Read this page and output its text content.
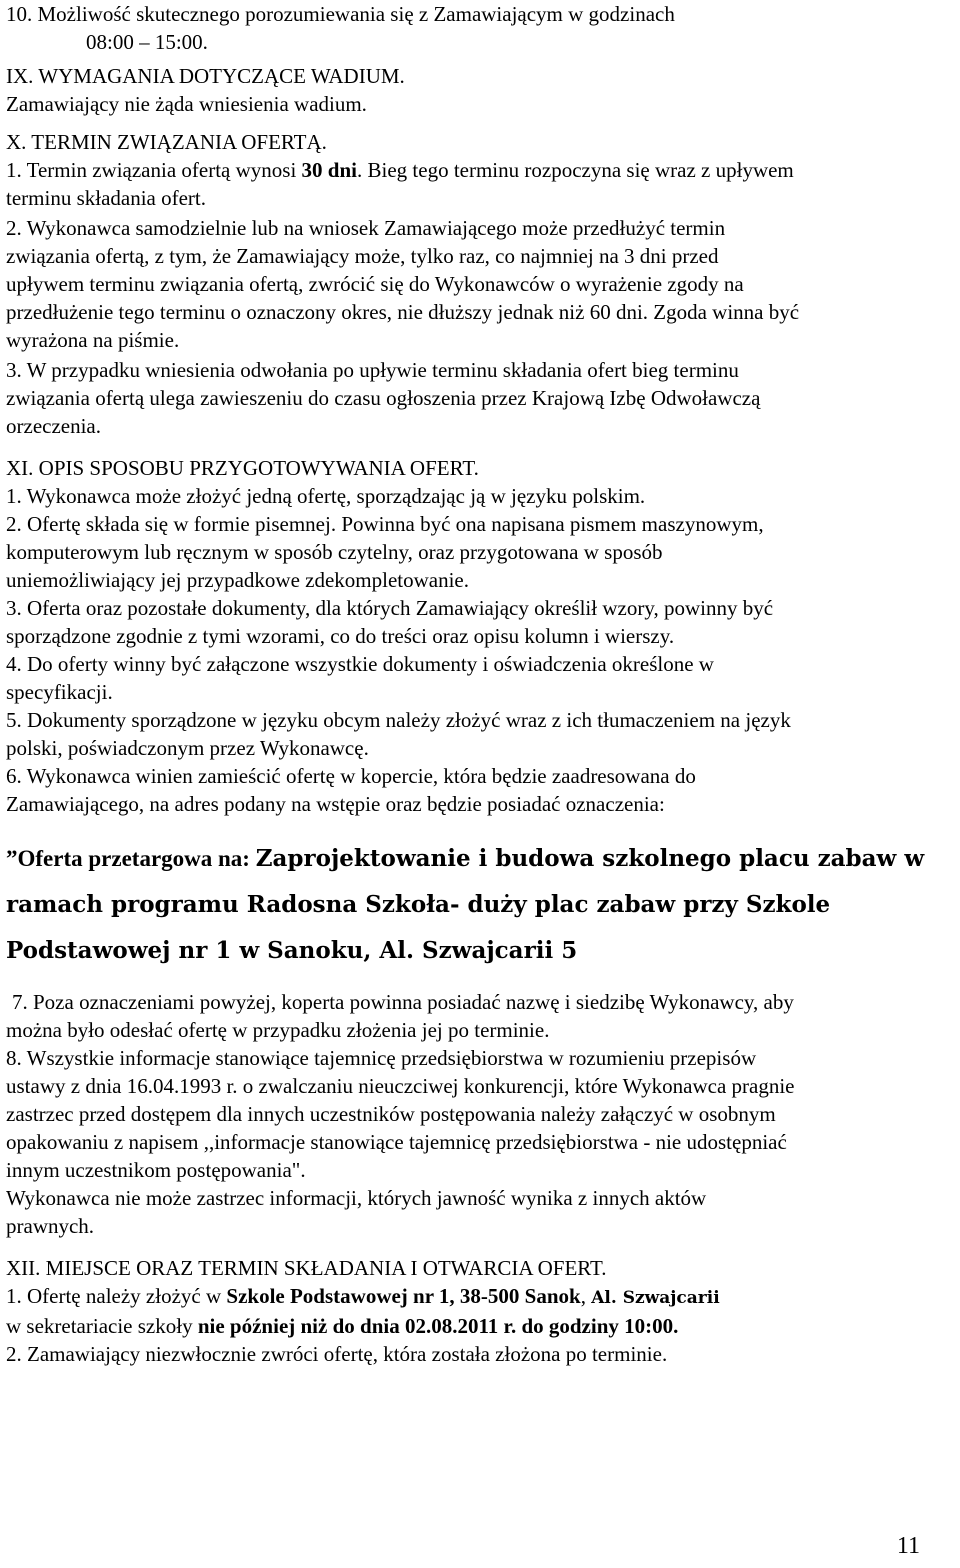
10. Możliwość skutecznego porozumiewania się z Zamawiającym w godzinach
08:00 – 15:00.

IX. WYMAGANIA DOTYCZĄCE WADIUM.

Zamawiający nie żąda wniesienia wadium.

X. TERMIN ZWIĄZANIA OFERTĄ.

1. Termin związania ofertą wynosi 30 dni. Bieg tego terminu rozpoczyna się wraz z upływem
terminu składania ofert.

2. Wykonawca samodzielnie lub na wniosek Zamawiającego może przedłużyć termin
związania ofertą, z tym, że Zamawiający może, tylko raz, co najmniej na 3 dni przed
upływem terminu związania ofertą, zwrócić się do Wykonawców o wyrażenie zgody na
przedłużenie tego terminu o oznaczony okres, nie dłuższy jednak niż 60 dni. Zgoda winna być
wyrażona na piśmie.

3. W przypadku wniesienia odwołania po upływie terminu składania ofert bieg terminu
związania ofertą ulega zawieszeniu do czasu ogłoszenia przez Krajową Izbę Odwoławczą
orzeczenia.

XI. OPIS SPOSOBU PRZYGOTOWYWANIA OFERT.

1. Wykonawca może złożyć jedną ofertę, sporządzając ją w języku polskim.

2. Ofertę składa się w formie pisemnej. Powinna być ona napisana pismem maszynowym,
komputerowym lub ręcznym w sposób czytelny, oraz przygotowana w sposób
uniemożliwiający jej przypadkowe zdekompletowanie.

3. Oferta oraz pozostałe dokumenty, dla których Zamawiający określił wzory, powinny być
sporządzone zgodnie z tymi wzorami, co do treści oraz opisu kolumn i wierszy.

4. Do oferty winny być załączone wszystkie dokumenty i oświadczenia określone w
specyfikacji.

5. Dokumenty sporządzone w języku obcym należy złożyć wraz z ich tłumaczeniem na język
polski, poświadczonym przez Wykonawcę.

6. Wykonawca winien zamieścić ofertę w kopercie, która będzie zaadresowana do
Zamawiającego, na adres podany na wstępie oraz będzie posiadać oznaczenia:

”Oferta przetargowa na: Zaprojektowanie i budowa szkolnego placu zabaw w
ramach programu Radosna Szkoła- duży plac zabaw przy Szkole
Podstawowej nr 1 w Sanoku, Al. Szwajcarii 5

7. Poza oznaczeniami powyżej, koperta powinna posiadać nazwę i siedzibę Wykonawcy, aby

można było odesłać ofertę w przypadku złożenia jej po terminie.

8. Wszystkie informacje stanowiące tajemnicę przedsiębiorstwa w rozumieniu przepisów
ustawy z dnia 16.04.1993 r. o zwalczaniu nieuczciwej konkurencji, które Wykonawca pragnie
zastrzec przed dostępem dla innych uczestników postępowania należy załączyć w osobnym
opakowaniu z napisem ,,informacje stanowiące tajemnicę przedsiębiorstwa - nie udostępniać
innym uczestnikom postępowania".

Wykonawca nie może zastrzec informacji, których jawność wynika z innych aktów
prawnych.

XII. MIEJSCE ORAZ TERMIN SKŁADANIA I OTWARCIA OFERT.

1. Ofertę należy złożyć w Szkole Podstawowej nr 1, 38-500 Sanok, Al. Szwajcarii
w sekretariacie szkoły nie później niż do dnia 02.08.2011 r. do godziny 10:00.

2. Zamawiający niezwłocznie zwróci ofertę, która została złożona po terminie.

11
